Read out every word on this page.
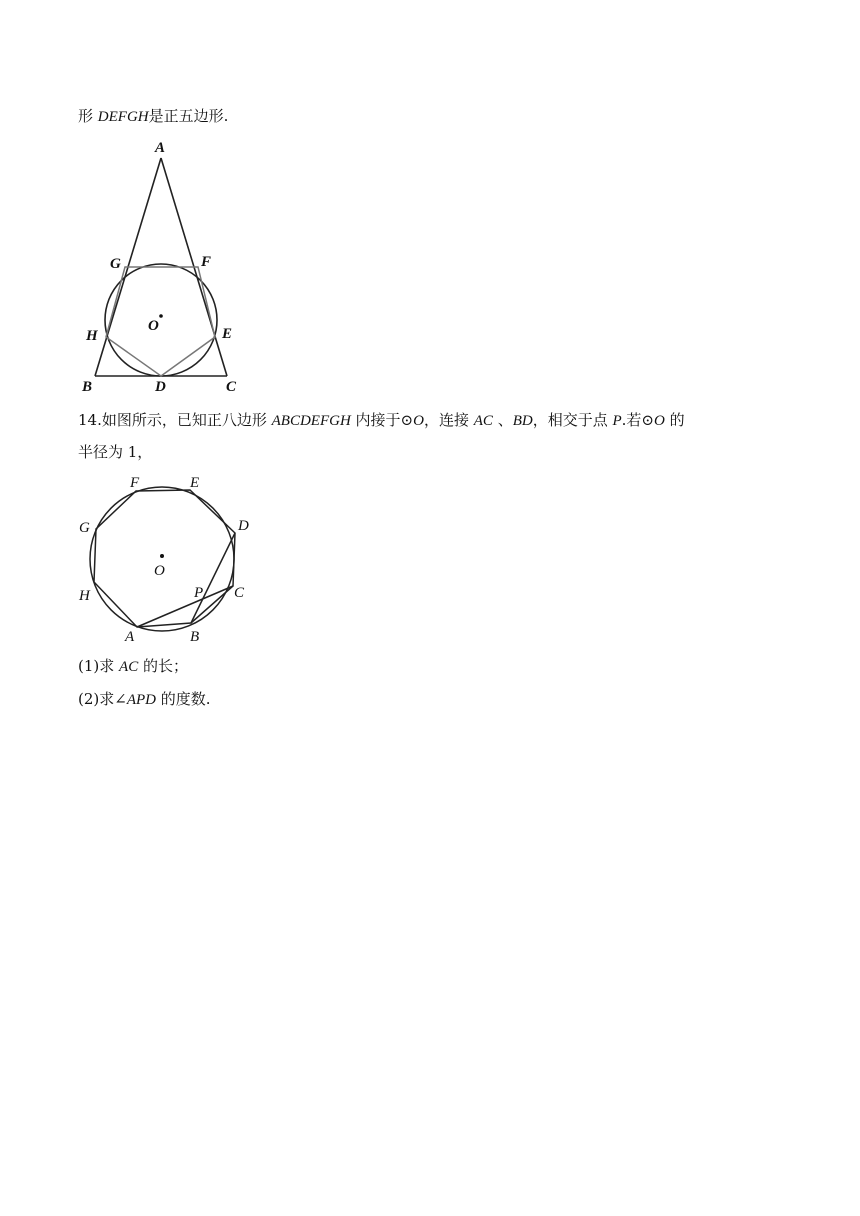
形 DEFGH是正五边形.
A
B	C
D
E
F
G
H
O
14.如图所示，已知正八边形 ABCDEFGH 内接于⊙O，连接 AC 、BD，相交于点 P.若⊙O 的
半径为 1，
A	B
C
D
E
F
G
H
O
P
(1)求 AC 的长；
(2)求∠APD 的度数.
